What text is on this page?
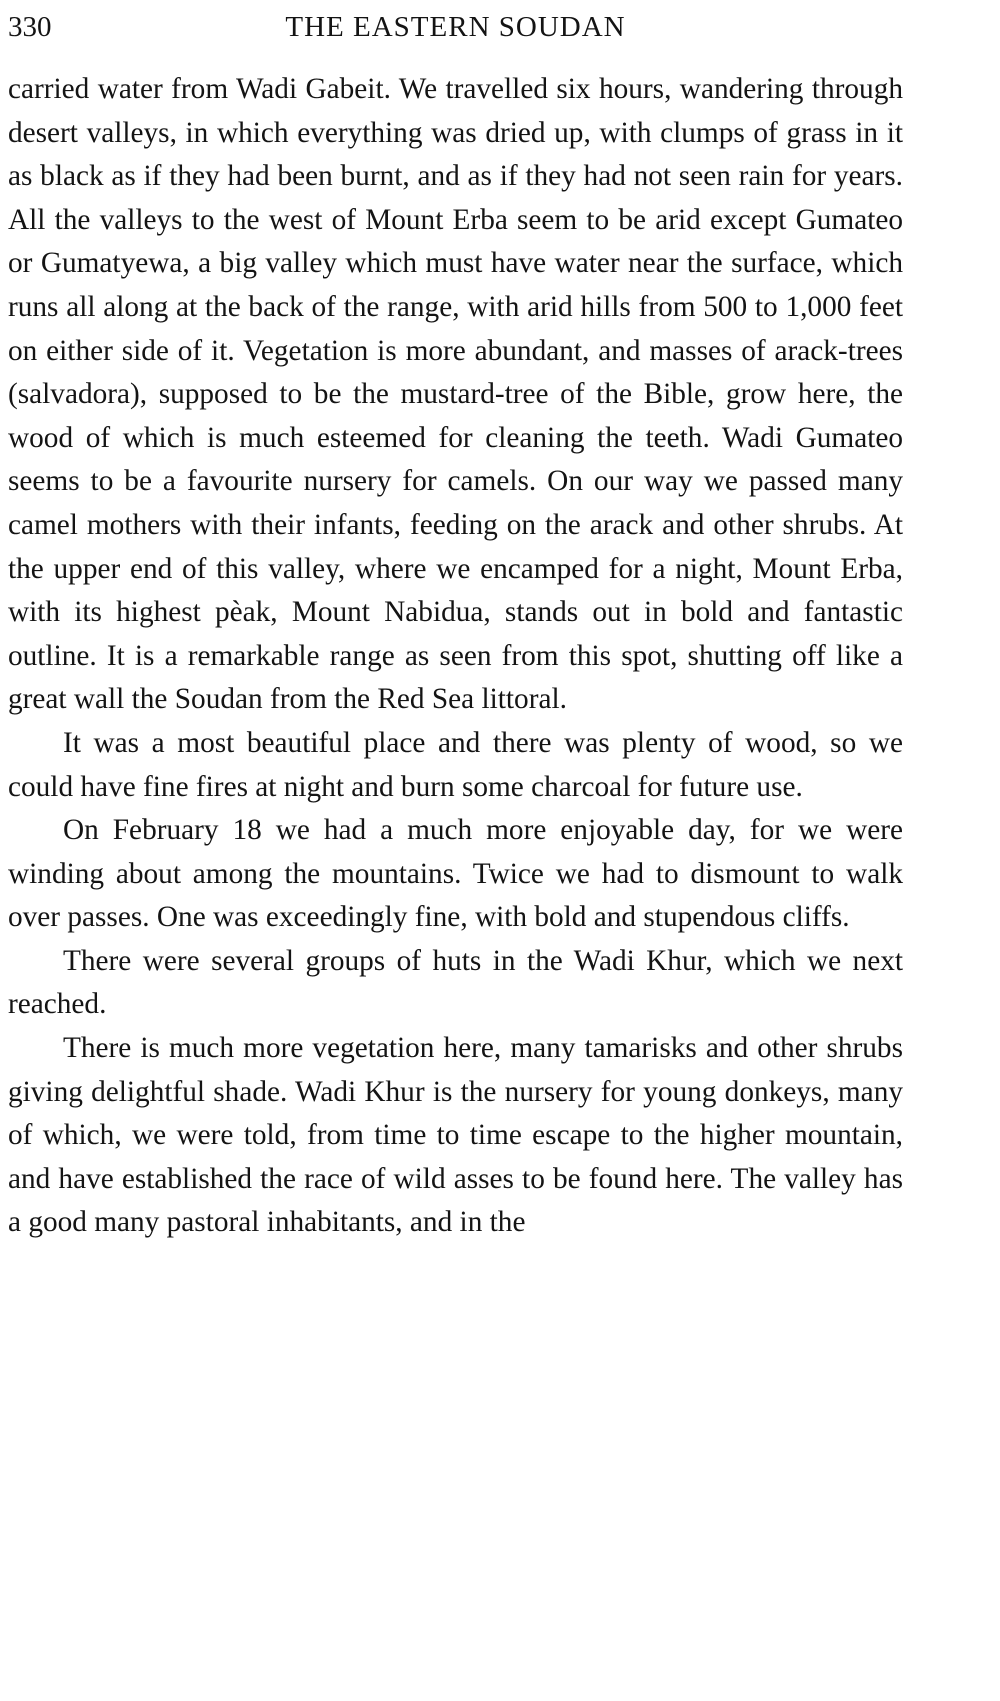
330	THE EASTERN SOUDAN

carried water from Wadi Gabeit. We travelled six hours, wandering through desert valleys, in which everything was dried up, with clumps of grass in it as black as if they had been burnt, and as if they had not seen rain for years. All the valleys to the west of Mount Erba seem to be arid except Gumateo or Gumatyewa, a big valley which must have water near the surface, which runs all along at the back of the range, with arid hills from 500 to 1,000 feet on either side of it. Vegetation is more abundant, and masses of arack-trees (salvadora), supposed to be the mustard-tree of the Bible, grow here, the wood of which is much esteemed for cleaning the teeth. Wadi Gumateo seems to be a favourite nursery for camels. On our way we passed many camel mothers with their infants, feeding on the arack and other shrubs. At the upper end of this valley, where we encamped for a night, Mount Erba, with its highest pèak, Mount Nabidua, stands out in bold and fantastic outline. It is a remarkable range as seen from this spot, shutting off like a great wall the Soudan from the Red Sea littoral.

It was a most beautiful place and there was plenty of wood, so we could have fine fires at night and burn some charcoal for future use.

On February 18 we had a much more enjoyable day, for we were winding about among the mountains. Twice we had to dismount to walk over passes. One was exceedingly fine, with bold and stupendous cliffs.

There were several groups of huts in the Wadi Khur, which we next reached.

There is much more vegetation here, many tamarisks and other shrubs giving delightful shade. Wadi Khur is the nursery for young donkeys, many of which, we were told, from time to time escape to the higher mountain, and have established the race of wild asses to be found here. The valley has a good many pastoral inhabitants, and in the
